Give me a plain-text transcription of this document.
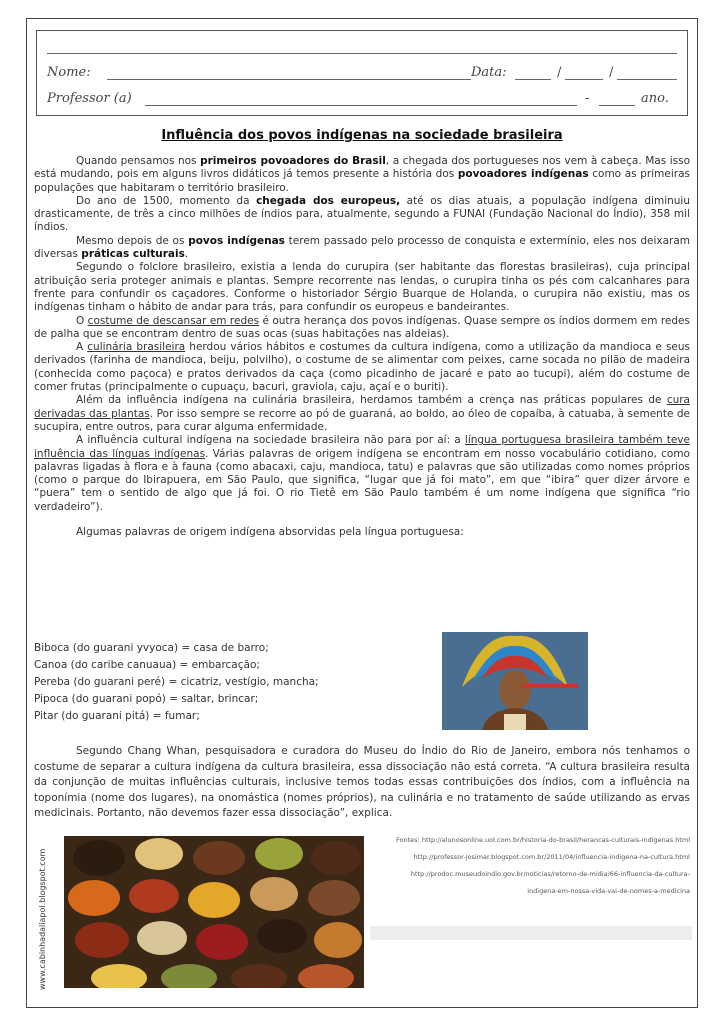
Nome:	Data:	/	/
Professor (a)	-	ano.
Influência dos povos indígenas na sociedade brasileira

Quando pensamos nos primeiros povoadores do Brasil, a chegada dos portugueses nos vem à cabeça. Mas isso está mudando, pois em alguns livros didáticos já temos presente a história dos povoadores indígenas como as primeiras populações que habitaram o território brasileiro.

Do ano de 1500, momento da chegada dos europeus, até os dias atuais, a população indígena diminuiu drasticamente, de três a cinco milhões de índios para, atualmente, segundo a FUNAI (Fundação Nacional do Índio), 358 mil índios.

Mesmo depois de os povos indígenas terem passado pelo processo de conquista e extermínio, eles nos deixaram diversas práticas culturais.

Segundo o folclore brasileiro, existia a lenda do curupira (ser habitante das florestas brasileiras), cuja principal atribuição seria proteger animais e plantas. Sempre recorrente nas lendas, o curupira tinha os pés com calcanhares para frente para confundir os caçadores. Conforme o historiador Sérgio Buarque de Holanda, o curupira não existiu, mas os indígenas tinham o hábito de andar para trás, para confundir os europeus e bandeirantes.

O costume de descansar em redes é outra herança dos povos indígenas. Quase sempre os índios dormem em redes de palha que se encontram dentro de suas ocas (suas habitações nas aldeias).

A culinária brasileira herdou vários hábitos e costumes da cultura indígena, como a utilização da mandioca e seus derivados (farinha de mandioca, beiju, polvilho), o costume de se alimentar com peixes, carne socada no pilão de madeira (conhecida como paçoca) e pratos derivados da caça (como picadinho de jacaré e pato ao tucupi), além do costume de comer frutas (principalmente o cupuaçu, bacuri, graviola, caju, açaí e o buriti).

Além da influência indígena na culinária brasileira, herdamos também a crença nas práticas populares de cura derivadas das plantas. Por isso sempre se recorre ao pó de guaraná, ao boldo, ao óleo de copaíba, à catuaba, à semente de sucupira, entre outros, para curar alguma enfermidade.

A influência cultural indígena na sociedade brasileira não para por aí: a língua portuguesa brasileira também teve influência das línguas indígenas. Várias palavras de origem indígena se encontram em nosso vocabulário cotidiano, como palavras ligadas à flora e à fauna (como abacaxi, caju, mandioca, tatu) e palavras que são utilizadas como nomes próprios (como o parque do Ibirapuera, em São Paulo, que significa, “lugar que já foi mato”, em que “ibira” quer dizer árvore e “puera” tem o sentido de algo que já foi. O rio Tietê em São Paulo também é um nome indígena que significa “rio verdadeiro”).

Algumas palavras de origem indígena absorvidas pela língua portuguesa:

Biboca (do guarani yvyoca) = casa de barro;
Canoa (do caribe canuaua) = embarcação;
Pereba (do guarani peré) = cicatriz, vestígio, mancha;
Pipoca (do guarani popó) = saltar, brincar;
Pitar (do guarani pitá) = fumar;

Segundo Chang Whan, pesquisadora e curadora do Museu do Índio do Rio de Janeiro, embora nós tenhamos o costume de separar a cultura indígena da cultura brasileira, essa dissociação não está correta. “A cultura brasileira resulta da conjunção de muitas influências culturais, inclusive temos todas essas contribuições dos índios, com a influência na toponímia (nome dos lugares), na onomástica (nomes próprios), na culinária e no tratamento de saúde utilizando as ervas medicinais. Portanto, não devemos fazer essa dissociação”, explica.

Fontes: http://alunosonline.uol.com.br/historia-do-brasil/herancas-culturais-indigenas.html
http://professor-josimar.blogspot.com.br/2011/04/influencia-indigena-na-cultura.html
http://prodoc.museudoindio.gov.br/noticias/retorno-de-midia/66-influencia-da-cultura-
indigena-em-nossa-vida-vai-de-nomes-a-medicina
www.cabinhadaliapol.blogspot.com
